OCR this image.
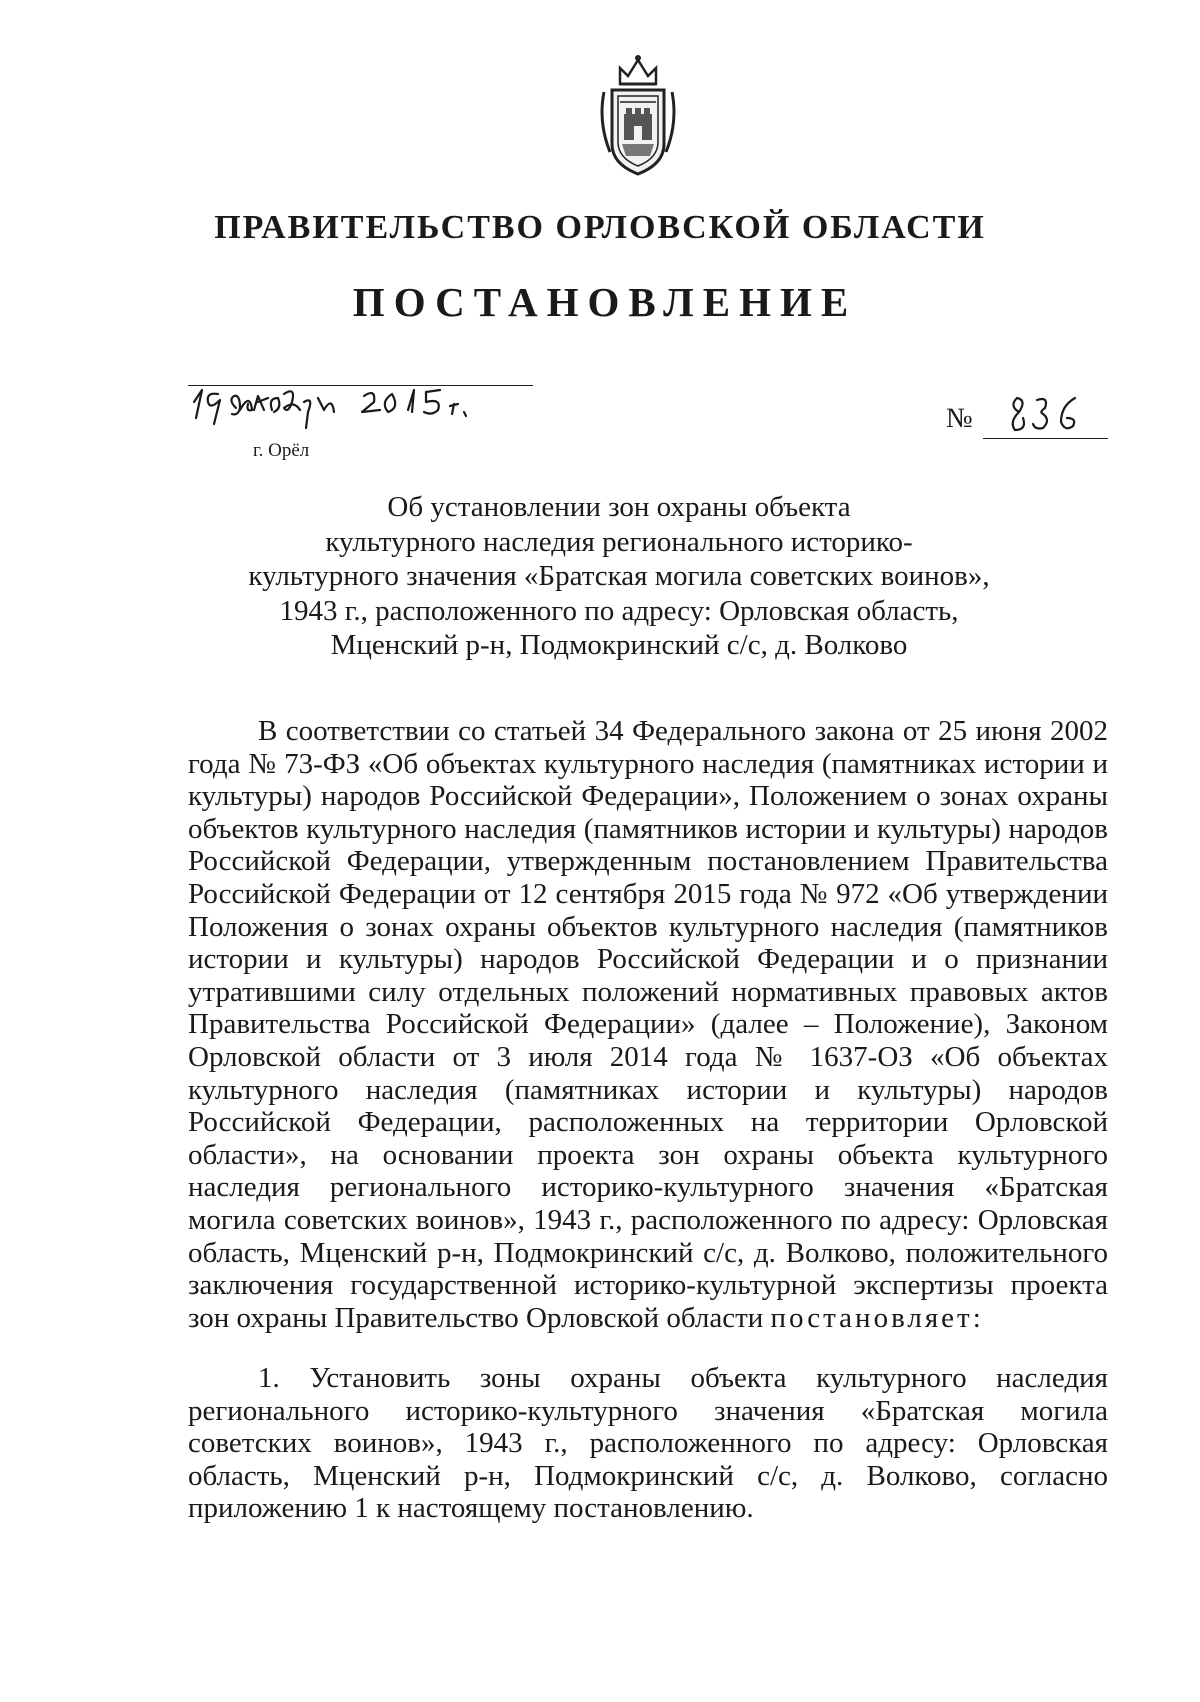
ПРАВИТЕЛЬСТВО ОРЛОВСКОЙ ОБЛАСТИ
ПОСТАНОВЛЕНИЕ
г. Орёл
№
Об установлении зон охраны объекта
культурного наследия регионального историко-
культурного значения «Братская могила советских воинов»,
1943 г., расположенного по адресу: Орловская область,
Мценский р-н, Подмокринский с/с, д. Волково

В соответствии со статьей 34 Федерального закона от 25 июня 2002 года № 73-ФЗ «Об объектах культурного наследия (памятниках истории и культуры) народов Российской Федерации», Положением о зонах охраны объектов культурного наследия (памятников истории и культуры) народов Российской Федерации, утвержденным постановлением Правительства Российской Федерации от 12 сентября 2015 года № 972 «Об утверждении Положения о зонах охраны объектов культурного наследия (памятников истории и культуры) народов Российской Федерации и о признании утратившими силу отдельных положений нормативных правовых актов Правительства Российской Федерации» (далее – Положение), Законом Орловской области от 3 июля 2014 года № 1637-ОЗ «Об объектах культурного наследия (памятниках истории и культуры) народов Российской Федерации, расположенных на территории Орловской области», на основании проекта зон охраны объекта культурного наследия регионального историко-культурного значения «Братская могила советских воинов», 1943 г., расположенного по адресу: Орловская область, Мценский р-н, Подмокринский с/с, д. Волково, положительного заключения государственной историко-культурной экспертизы проекта зон охраны Правительство Орловской области постановляет:

1. Установить зоны охраны объекта культурного наследия регионального историко-культурного значения «Братская могила советских воинов», 1943 г., расположенного по адресу: Орловская область, Мценский р-н, Подмокринский с/с, д. Волково, согласно приложению 1 к настоящему постановлению.
